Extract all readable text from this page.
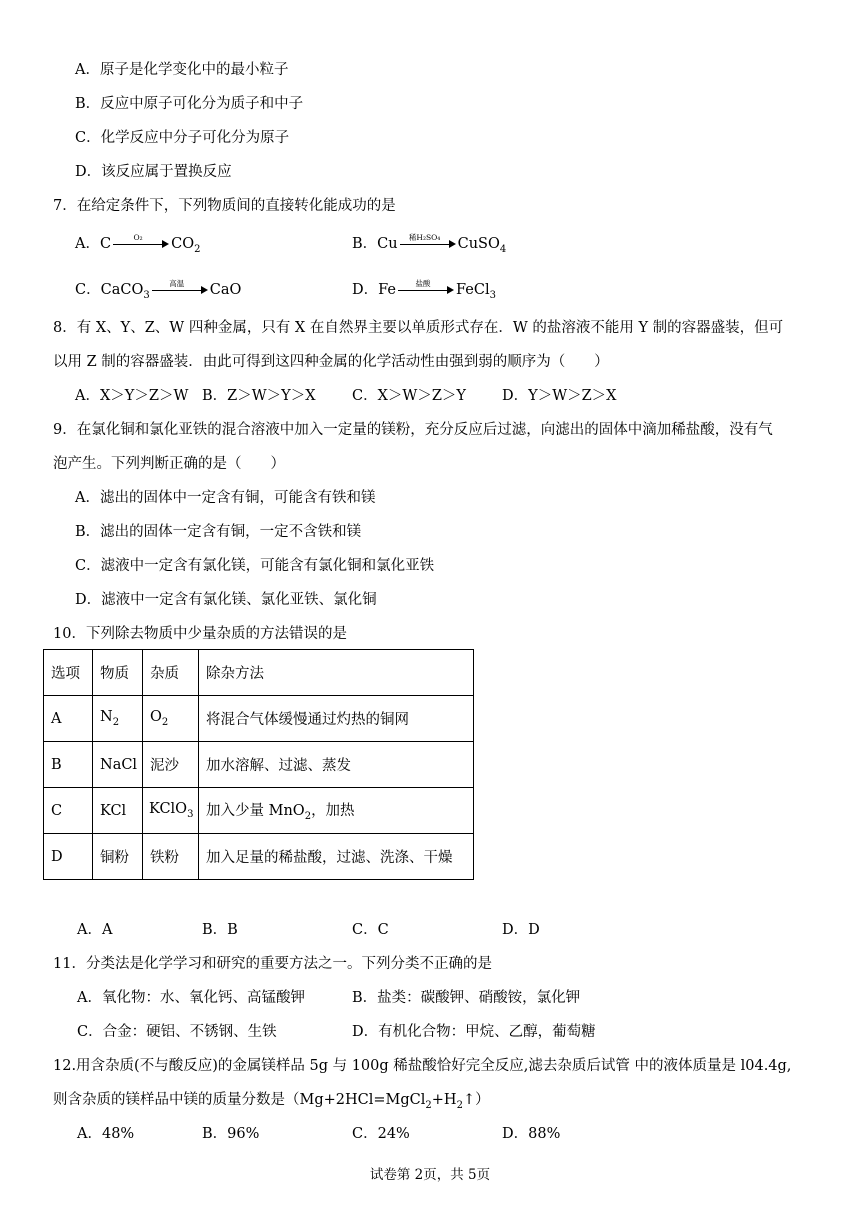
A．原子是化学变化中的最小粒子
B．反应中原子可化分为质子和中子
C．化学反应中分子可化分为原子
D．该反应属于置换反应
7．在给定条件下，下列物质间的直接转化能成功的是
A．C	O₂	$CO_2$	B．Cu	稀H₂SO₄	CuSO$_4$
C．CaCO$_3$
高温	CaO	D．Fe	盐酸	FeCl$_3$
8．有 X、Y、Z、W 四种金属，只有 X 在自然界主要以单质形式存在．W 的盐溶液不能用 Y 制的容器盛装，但可
以用 Z 制的容器盛装．由此可得到这四种金属的化学活动性由强到弱的顺序为（　　）
A．X＞Y＞Z＞W B．Z＞W＞Y＞X	C．X＞W＞Z＞Y D．Y＞W＞Z＞X
9．在氯化铜和氯化亚铁的混合溶液中加入一定量的镁粉，充分反应后过滤，向滤出的固体中滴加稀盐酸，没有气
泡产生。下列判断正确的是（　　）
A．滤出的固体中一定含有铜，可能含有铁和镁
B．滤出的固体一定含有铜，一定不含铁和镁
C．滤液中一定含有氯化镁，可能含有氯化铜和氯化亚铁
D．滤液中一定含有氯化镁、氯化亚铁、氯化铜
10．下列除去物质中少量杂质的方法错误的是
选项	物质	杂质	除杂方法
A	$N_2$	$O_2$	将混合气体缓慢通过灼热的铜网
B	NaCl	泥沙	加水溶解、过滤、蒸发
C	KCl	KClO$_3$	加入少量 MnO$_2$，加热
D	铜粉	铁粉	加入足量的稀盐酸，过滤、洗涤、干燥
A．A	B．B	C．C	D．D
11．分类法是化学学习和研究的重要方法之一。下列分类不正确的是
A．氧化物：水、氧化钙、高锰酸钾	B．盐类：碳酸钾、硝酸铵，氯化钾
C．合金：硬铝、不锈钢、生铁	D．有机化合物：甲烷、乙醇，葡萄糖
12.用含杂质(不与酸反应)的金属镁样品 5g 与 100g 稀盐酸恰好完全反应,滤去杂质后试管 中的液体质量是 l04.4g,
则含杂质的镁样品中镁的质量分数是$(Mg+2HCl=MgCl_2+H_2↑)$
A．48%	B．96%	C．24%	D．88%
试卷第 2页，共 5页
